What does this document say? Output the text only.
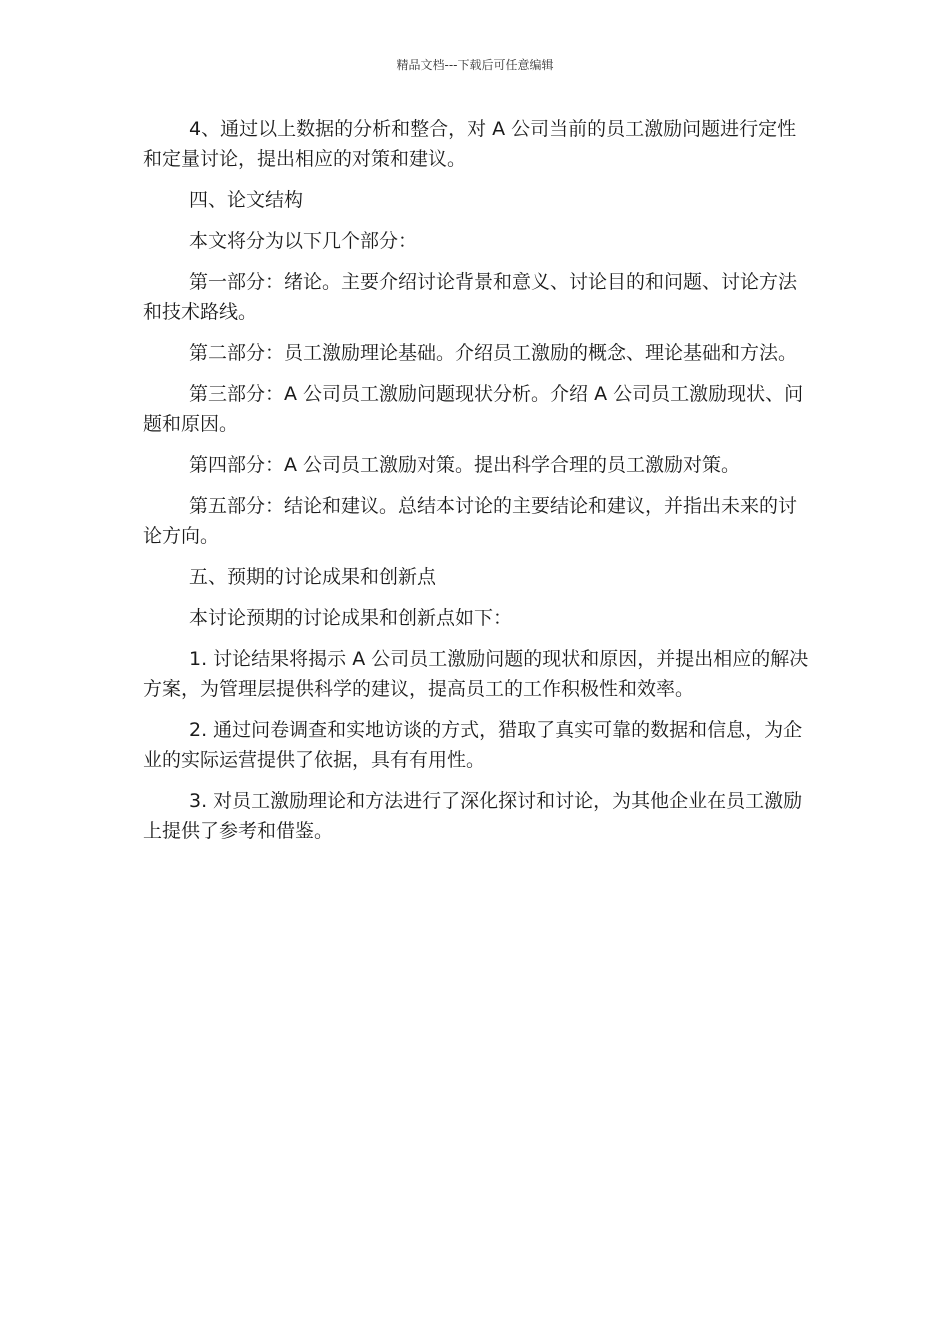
精品文档---下载后可任意编辑

4、通过以上数据的分析和整合，对 A 公司当前的员工激励问题进行定性和定量讨论，提出相应的对策和建议。

四、论文结构

本文将分为以下几个部分：

第一部分：绪论。主要介绍讨论背景和意义、讨论目的和问题、讨论方法和技术路线。

第二部分：员工激励理论基础。介绍员工激励的概念、理论基础和方法。

第三部分：A 公司员工激励问题现状分析。介绍 A 公司员工激励现状、问题和原因。

第四部分：A 公司员工激励对策。提出科学合理的员工激励对策。

第五部分：结论和建议。总结本讨论的主要结论和建议，并指出未来的讨论方向。

五、预期的讨论成果和创新点

本讨论预期的讨论成果和创新点如下：

1. 讨论结果将揭示 A 公司员工激励问题的现状和原因，并提出相应的解决方案，为管理层提供科学的建议，提高员工的工作积极性和效率。

2. 通过问卷调查和实地访谈的方式，猎取了真实可靠的数据和信息，为企业的实际运营提供了依据，具有有用性。

3. 对员工激励理论和方法进行了深化探讨和讨论，为其他企业在员工激励上提供了参考和借鉴。
